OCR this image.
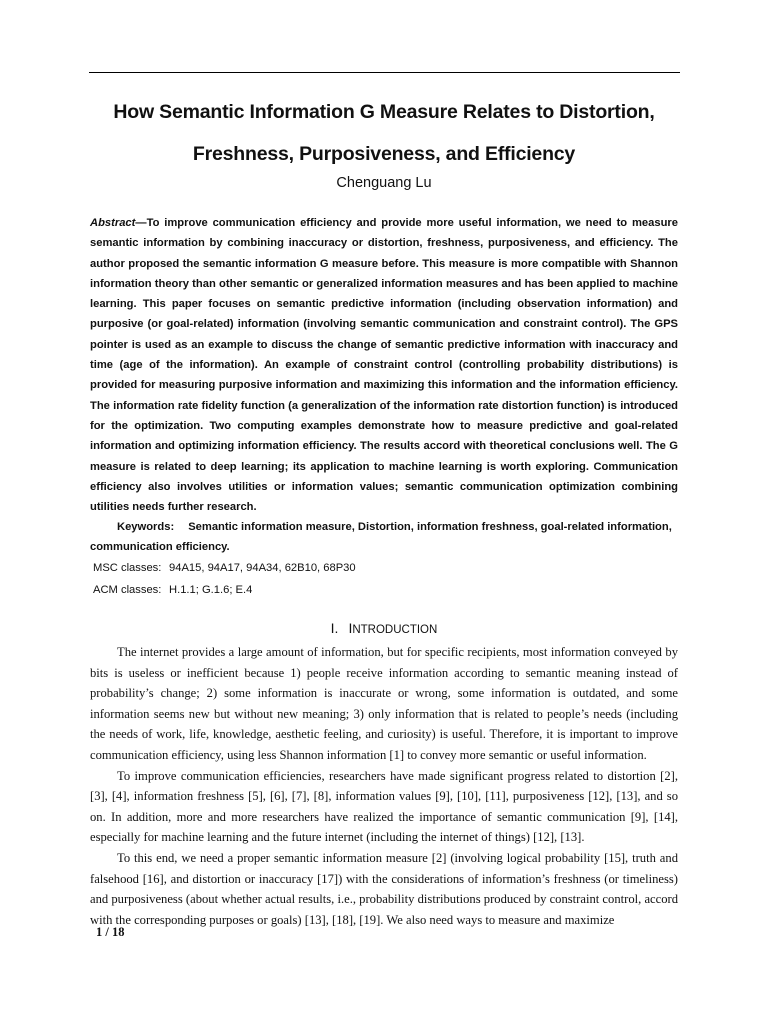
How Semantic Information G Measure Relates to Distortion,
Freshness, Purposiveness, and Efficiency
Chenguang Lu

Abstract—To improve communication efficiency and provide more useful information, we need to measure semantic information by combining inaccuracy or distortion, freshness, purposiveness, and efficiency. The author proposed the semantic information G measure before. This measure is more compatible with Shannon information theory than other semantic or generalized information measures and has been applied to machine learning. This paper focuses on semantic predictive information (including observation information) and purposive (or goal-related) information (involving semantic communication and constraint control). The GPS pointer is used as an example to discuss the change of semantic predictive information with inaccuracy and time (age of the information). An example of constraint control (controlling probability distributions) is provided for measuring purposive information and maximizing this information and the information efficiency. The information rate fidelity function (a generalization of the information rate distortion function) is introduced for the optimization. Two computing examples demonstrate how to measure predictive and goal-related information and optimizing information efficiency. The results accord with theoretical conclusions well. The G measure is related to deep learning; its application to machine learning is worth exploring. Communication efficiency also involves utilities or information values; semantic communication optimization combining utilities needs further research.

Keywords: Semantic information measure, Distortion, information freshness, goal-related information, communication efficiency.

MSC classes: 94A15, 94A17, 94A34, 62B10, 68P30
ACM classes: H.1.1; G.1.6; E.4
I. INTRODUCTION

The internet provides a large amount of information, but for specific recipients, most information conveyed by bits is useless or inefficient because 1) people receive information according to semantic meaning instead of probability’s change; 2) some information is inaccurate or wrong, some information is outdated, and some information seems new but without new meaning; 3) only information that is related to people’s needs (including the needs of work, life, knowledge, aesthetic feeling, and curiosity) is useful. Therefore, it is important to improve communication efficiency, using less Shannon information [1] to convey more semantic or useful information.

To improve communication efficiencies, researchers have made significant progress related to distortion [2], [3], [4], information freshness [5], [6], [7], [8], information values [9], [10], [11], purposiveness [12], [13], and so on. In addition, more and more researchers have realized the importance of semantic communication [9], [14], especially for machine learning and the future internet (including the internet of things) [12], [13].

To this end, we need a proper semantic information measure [2] (involving logical probability [15], truth and falsehood [16], and distortion or inaccuracy [17]) with the considerations of information’s freshness (or timeliness) and purposiveness (about whether actual results, i.e., probability distributions produced by constraint control, accord with the corresponding purposes or goals) [13], [18], [19]. We also need ways to measure and maximize

1 / 18
